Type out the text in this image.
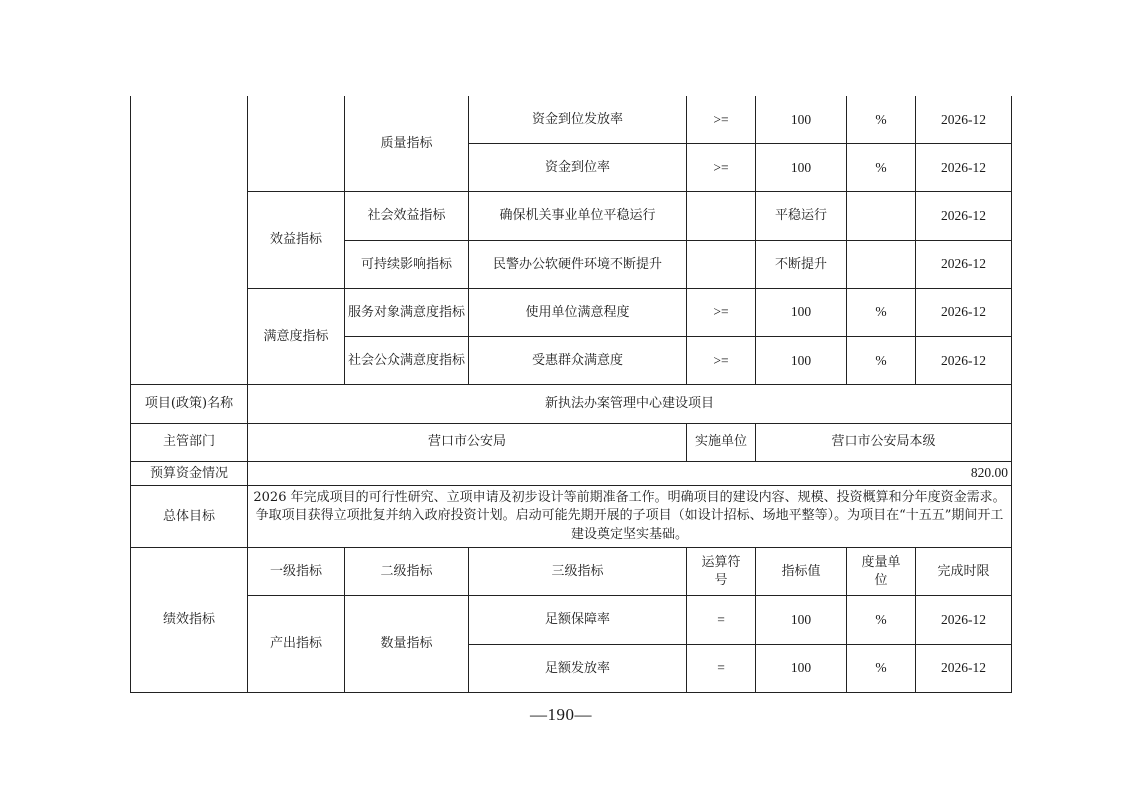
		质量指标	资金到位发放率	>=	100	%	2026-12
			资金到位率	>=	100	%	2026-12
	效益指标	社会效益指标	确保机关事业单位平稳运行		平稳运行		2026-12
		可持续影响指标	民警办公软硬件环境不断提升		不断提升		2026-12
	满意度指标	服务对象满意度指标	使用单位满意程度	>=	100	%	2026-12
		社会公众满意度指标	受惠群众满意度	>=	100	%	2026-12
项目(政策)名称	新执法办案管理中心建设项目						
主管部门	营口市公安局			实施单位	营口市公安局本级		
预算资金情况	820.00						
总体目标	2026 年完成项目的可行性研究、立项申请及初步设计等前期准备工作。明确项目的建设内容、规模、投资概算和分年度资金需求。争取项目获得立项批复并纳入政府投资计划。启动可能先期开展的子项目（如设计招标、场地平整等）。为项目在“十五五”期间开工建设奠定坚实基础。						
绩效指标	一级指标	二级指标	三级指标	运算符号	指标值	度量单位	完成时限
	产出指标	数量指标	足额保障率	=	100	%	2026-12
			足额发放率	=	100	%	2026-12
—190—
